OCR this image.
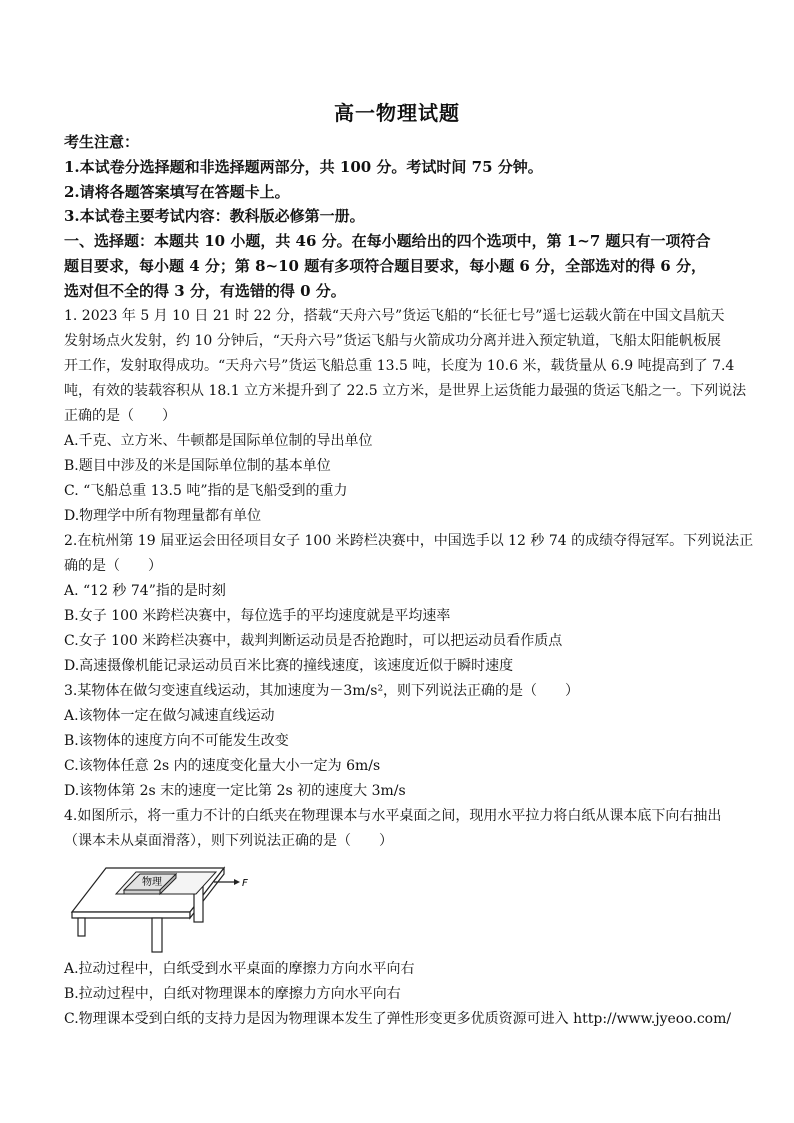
高一物理试题
考生注意：
1.本试卷分选择题和非选择题两部分，共 100 分。考试时间 75 分钟。
2.请将各题答案填写在答题卡上。
3.本试卷主要考试内容：教科版必修第一册。
一、选择题：本题共 10 小题，共 46 分。在每小题给出的四个选项中，第 1~7 题只有一项符合
题目要求，每小题 4 分；第 8~10 题有多项符合题目要求，每小题 6 分，全部选对的得 6 分，
选对但不全的得 3 分，有选错的得 0 分。
1. 2023 年 5 月 10 日 21 时 22 分，搭载“天舟六号”货运飞船的“长征七号”遥七运载火箭在中国文昌航天
发射场点火发射，约 10 分钟后，“天舟六号”货运飞船与火箭成功分离并进入预定轨道，飞船太阳能帆板展
开工作，发射取得成功。“天舟六号”货运飞船总重 13.5 吨，长度为 10.6 米，载货量从 6.9 吨提高到了 7.4
吨，有效的装载容积从 18.1 立方米提升到了 22.5 立方米，是世界上运货能力最强的货运飞船之一。下列说法
正确的是（　　）
A.千克、立方米、牛顿都是国际单位制的导出单位
B.题目中涉及的米是国际单位制的基本单位
C. “飞船总重 13.5 吨”指的是飞船受到的重力
D.物理学中所有物理量都有单位
2.在杭州第 19 届亚运会田径项目女子 100 米跨栏决赛中，中国选手以 12 秒 74 的成绩夺得冠军。下列说法正
确的是（　　）
A. “12 秒 74”指的是时刻
B.女子 100 米跨栏决赛中，每位选手的平均速度就是平均速率
C.女子 100 米跨栏决赛中，裁判判断运动员是否抢跑时，可以把运动员看作质点
D.高速摄像机能记录运动员百米比赛的撞线速度，该速度近似于瞬时速度
3.某物体在做匀变速直线运动，其加速度为－3m/s²，则下列说法正确的是（　　）
A.该物体一定在做匀减速直线运动
B.该物体的速度方向不可能发生改变
C.该物体任意 2s 内的速度变化量大小一定为 6m/s
D.该物体第 2s 末的速度一定比第 2s 初的速度大 3m/s
4.如图所示，将一重力不计的白纸夹在物理课本与水平桌面之间，现用水平拉力将白纸从课本底下向右抽出
（课本未从桌面滑落），则下列说法正确的是（　　）
物理	F
A.拉动过程中，白纸受到水平桌面的摩擦力方向水平向右
B.拉动过程中，白纸对物理课本的摩擦力方向水平向右
C.物理课本受到白纸的支持力是因为物理课本发生了弹性形变更多优质资源可进入 http://www.jyeoo.com/
